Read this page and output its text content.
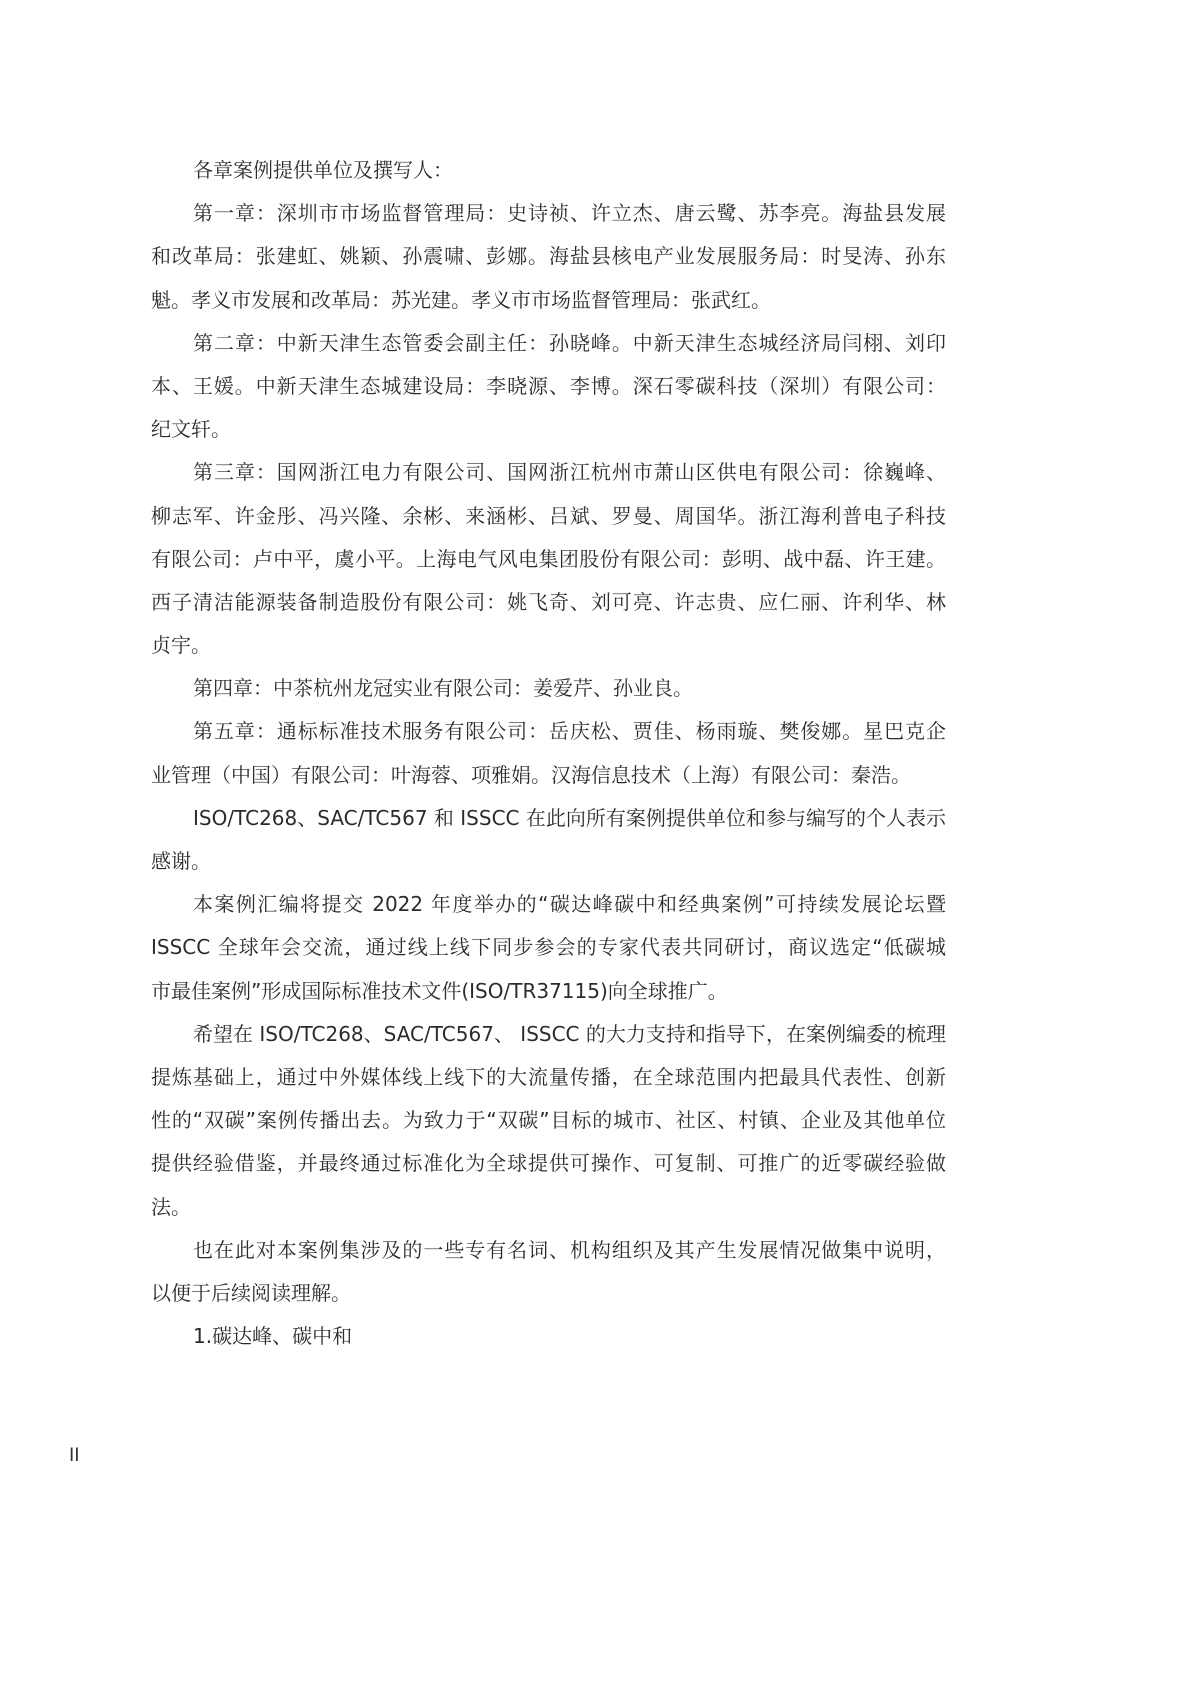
各章案例提供单位及撰写人：
第一章：深圳市市场监督管理局：史诗祯、许立杰、唐云鹭、苏李亮。海盐县发展
和改革局：张建虹、姚颖、孙震啸、彭娜。海盐县核电产业发展服务局：时旻涛、孙东
魁。孝义市发展和改革局：苏光建。孝义市市场监督管理局：张武红。
第二章：中新天津生态管委会副主任：孙晓峰。中新天津生态城经济局闫栩、刘印
本、王媛。中新天津生态城建设局：李晓源、李博。深石零碳科技（深圳）有限公司：
纪文轩。
第三章：国网浙江电力有限公司、国网浙江杭州市萧山区供电有限公司：徐巍峰、
柳志军、许金彤、冯兴隆、余彬、来涵彬、吕斌、罗曼、周国华。浙江海利普电子科技
有限公司：卢中平，虞小平。上海电气风电集团股份有限公司：彭明、战中磊、许王建。
西子清洁能源装备制造股份有限公司：姚飞奇、刘可亮、许志贵、应仁丽、许利华、林
贞宇。
第四章：中茶杭州龙冠实业有限公司：姜爱芹、孙业良。
第五章：通标标准技术服务有限公司：岳庆松、贾佳、杨雨璇、樊俊娜。星巴克企
业管理（中国）有限公司：叶海蓉、项雅娟。汉海信息技术（上海）有限公司：秦浩。
ISO/TC268、SAC/TC567 和 ISSCC 在此向所有案例提供单位和参与编写的个人表示
感谢。
本案例汇编将提交 2022 年度举办的“碳达峰碳中和经典案例”可持续发展论坛暨
ISSCC 全球年会交流，通过线上线下同步参会的专家代表共同研讨，商议选定“低碳城
市最佳案例”形成国际标准技术文件(ISO/TR37115)向全球推广。
希望在 ISO/TC268、SAC/TC567、 ISSCC 的大力支持和指导下，在案例编委的梳理
提炼基础上，通过中外媒体线上线下的大流量传播，在全球范围内把最具代表性、创新
性的“双碳”案例传播出去。为致力于“双碳”目标的城市、社区、村镇、企业及其他单位
提供经验借鉴，并最终通过标准化为全球提供可操作、可复制、可推广的近零碳经验做
法。
也在此对本案例集涉及的一些专有名词、机构组织及其产生发展情况做集中说明，
以便于后续阅读理解。
1.碳达峰、碳中和
II
